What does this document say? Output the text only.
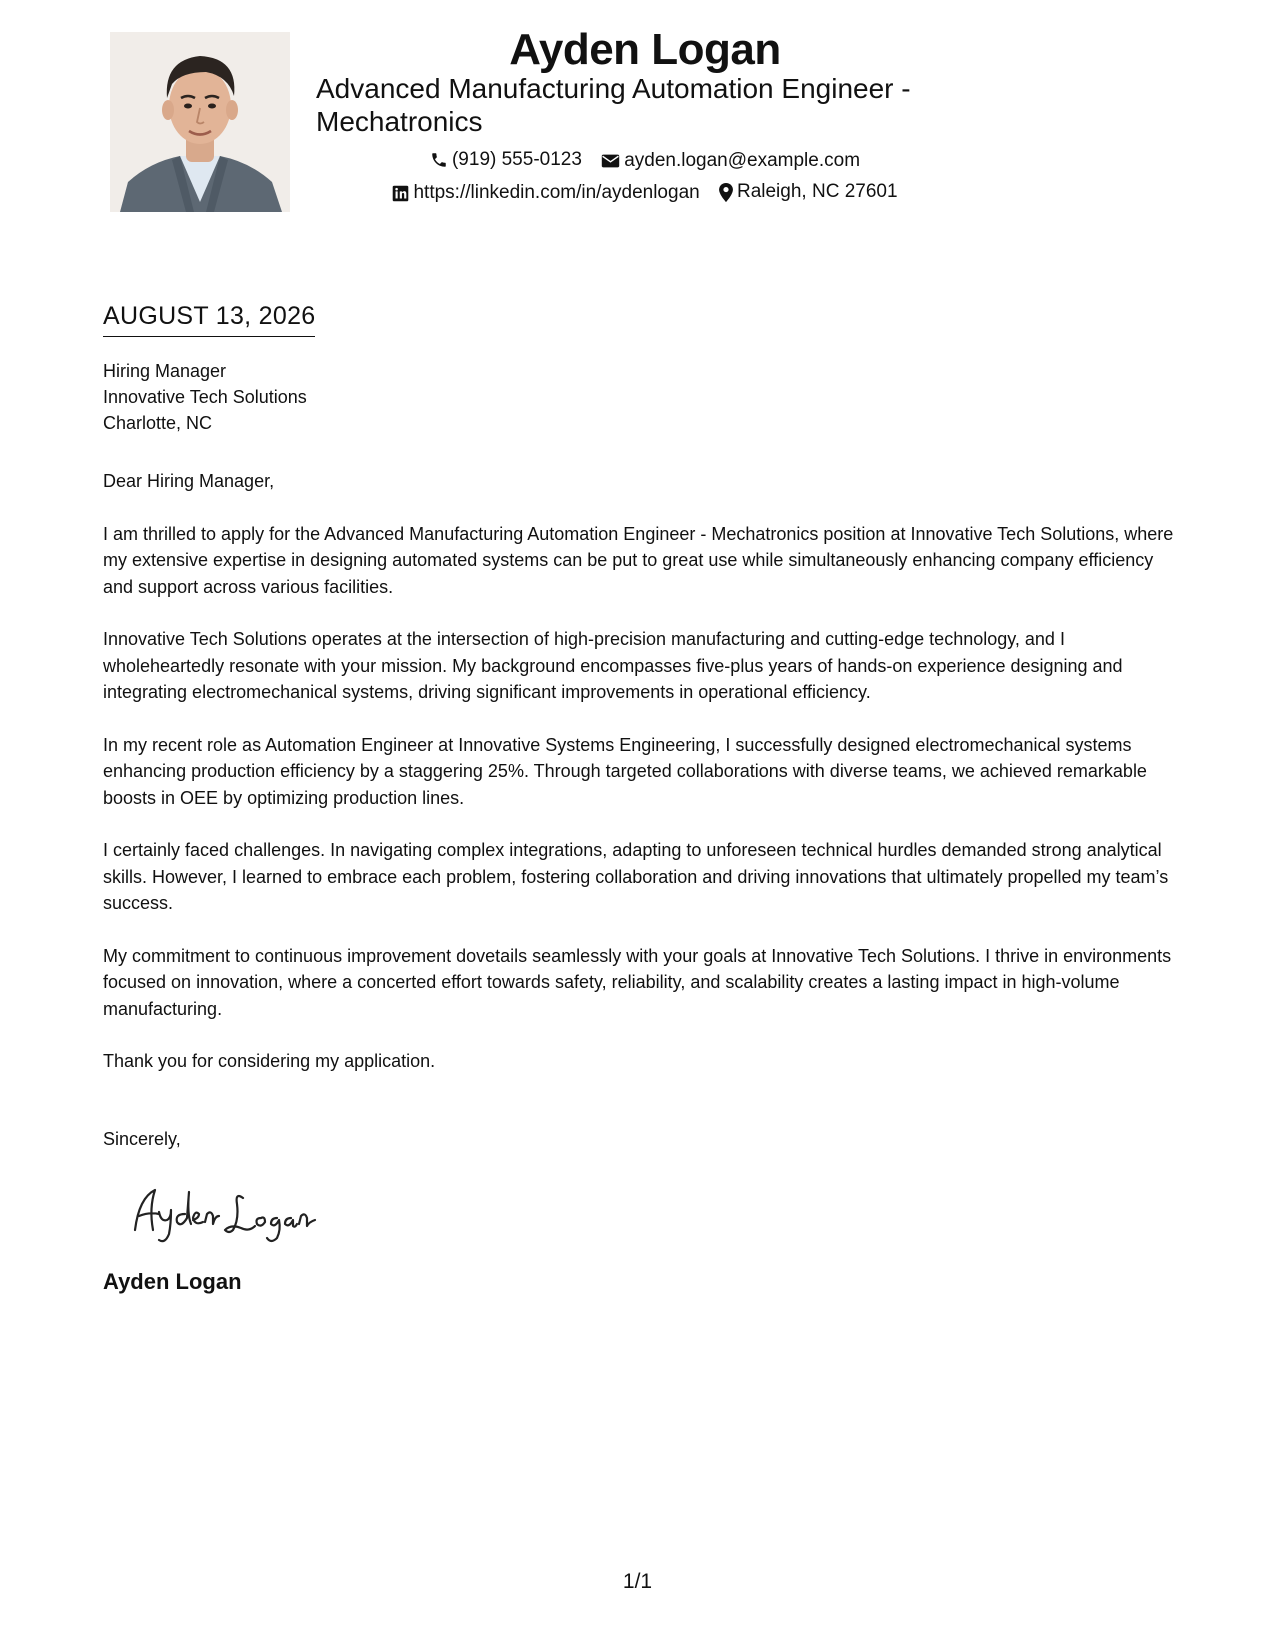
Ayden Logan
Advanced Manufacturing Automation Engineer - Mechatronics
(919) 555-0123
ayden.logan@example.com
https://linkedin.com/in/aydenlogan
Raleigh, NC 27601
AUGUST 13, 2026
Hiring Manager
Innovative Tech Solutions
Charlotte, NC

Dear Hiring Manager,

I am thrilled to apply for the Advanced Manufacturing Automation Engineer - Mechatronics position at Innovative Tech Solutions, where my extensive expertise in designing automated systems can be put to great use while simultaneously enhancing company efficiency and support across various facilities.

Innovative Tech Solutions operates at the intersection of high-precision manufacturing and cutting-edge technology, and I wholeheartedly resonate with your mission. My background encompasses five-plus years of hands-on experience designing and integrating electromechanical systems, driving significant improvements in operational efficiency.

In my recent role as Automation Engineer at Innovative Systems Engineering, I successfully designed electromechanical systems enhancing production efficiency by a staggering 25%. Through targeted collaborations with diverse teams, we achieved remarkable boosts in OEE by optimizing production lines.

I certainly faced challenges. In navigating complex integrations, adapting to unforeseen technical hurdles demanded strong analytical skills. However, I learned to embrace each problem, fostering collaboration and driving innovations that ultimately propelled my team’s success.

My commitment to continuous improvement dovetails seamlessly with your goals at Innovative Tech Solutions. I thrive in environments focused on innovation, where a concerted effort towards safety, reliability, and scalability creates a lasting impact in high-volume manufacturing.

Thank you for considering my application.

Sincerely,
Ayden Logan
1/1
